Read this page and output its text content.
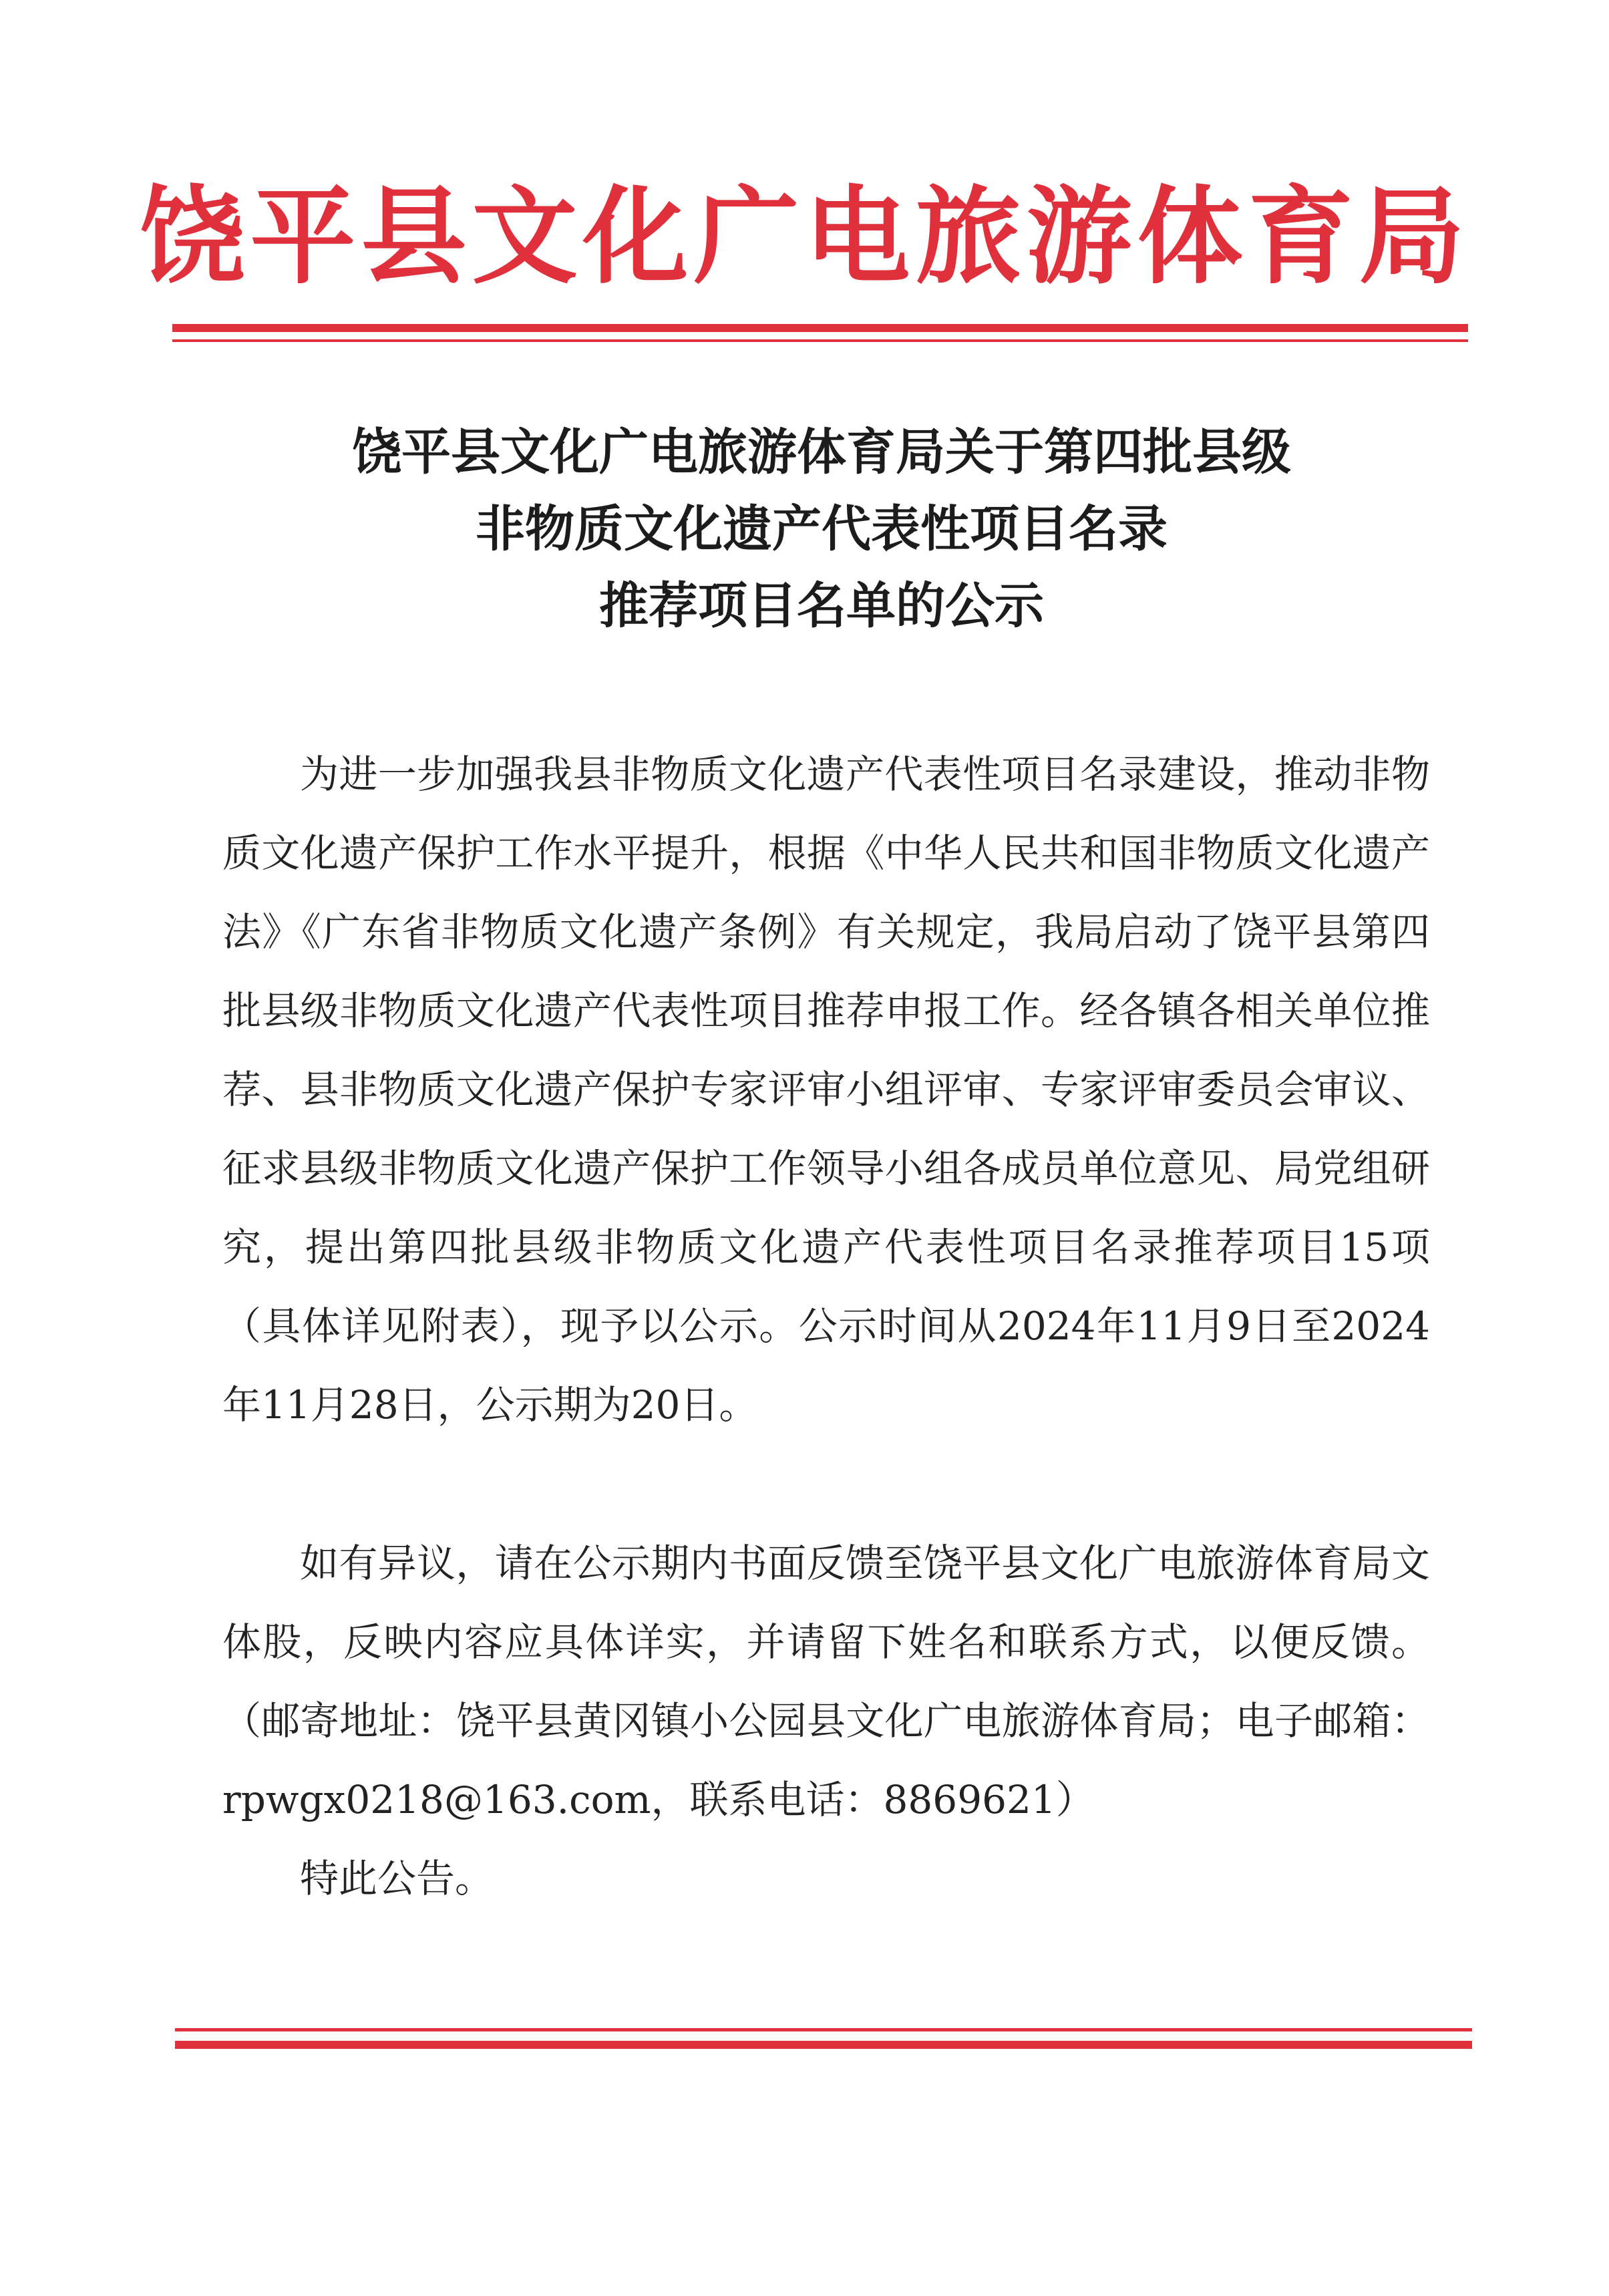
饶平县文化广电旅游体育局
饶平县文化广电旅游体育局关于第四批县级
非物质文化遗产代表性项目名录
推荐项目名单的公示

为进一步加强我县非物质文化遗产代表性项目名录建设，推动非物质文化遗产保护工作水平提升，根据《中华人民共和国非物质文化遗产法》《广东省非物质文化遗产条例》有关规定，我局启动了饶平县第四批县级非物质文化遗产代表性项目推荐申报工作。经各镇各相关单位推荐、县非物质文化遗产保护专家评审小组评审、专家评审委员会审议、征求县级非物质文化遗产保护工作领导小组各成员单位意见、局党组研究，提出第四批县级非物质文化遗产代表性项目名录推荐项目15项（具体详见附表），现予以公示。公示时间从2024年11月9日至2024年11月28日，公示期为20日。

如有异议，请在公示期内书面反馈至饶平县文化广电旅游体育局文体股，反映内容应具体详实，并请留下姓名和联系方式，以便反馈。（邮寄地址：饶平县黄冈镇小公园县文化广电旅游体育局；电子邮箱：rpwgx0218@163.com，联系电话：8869621）

特此公告。
